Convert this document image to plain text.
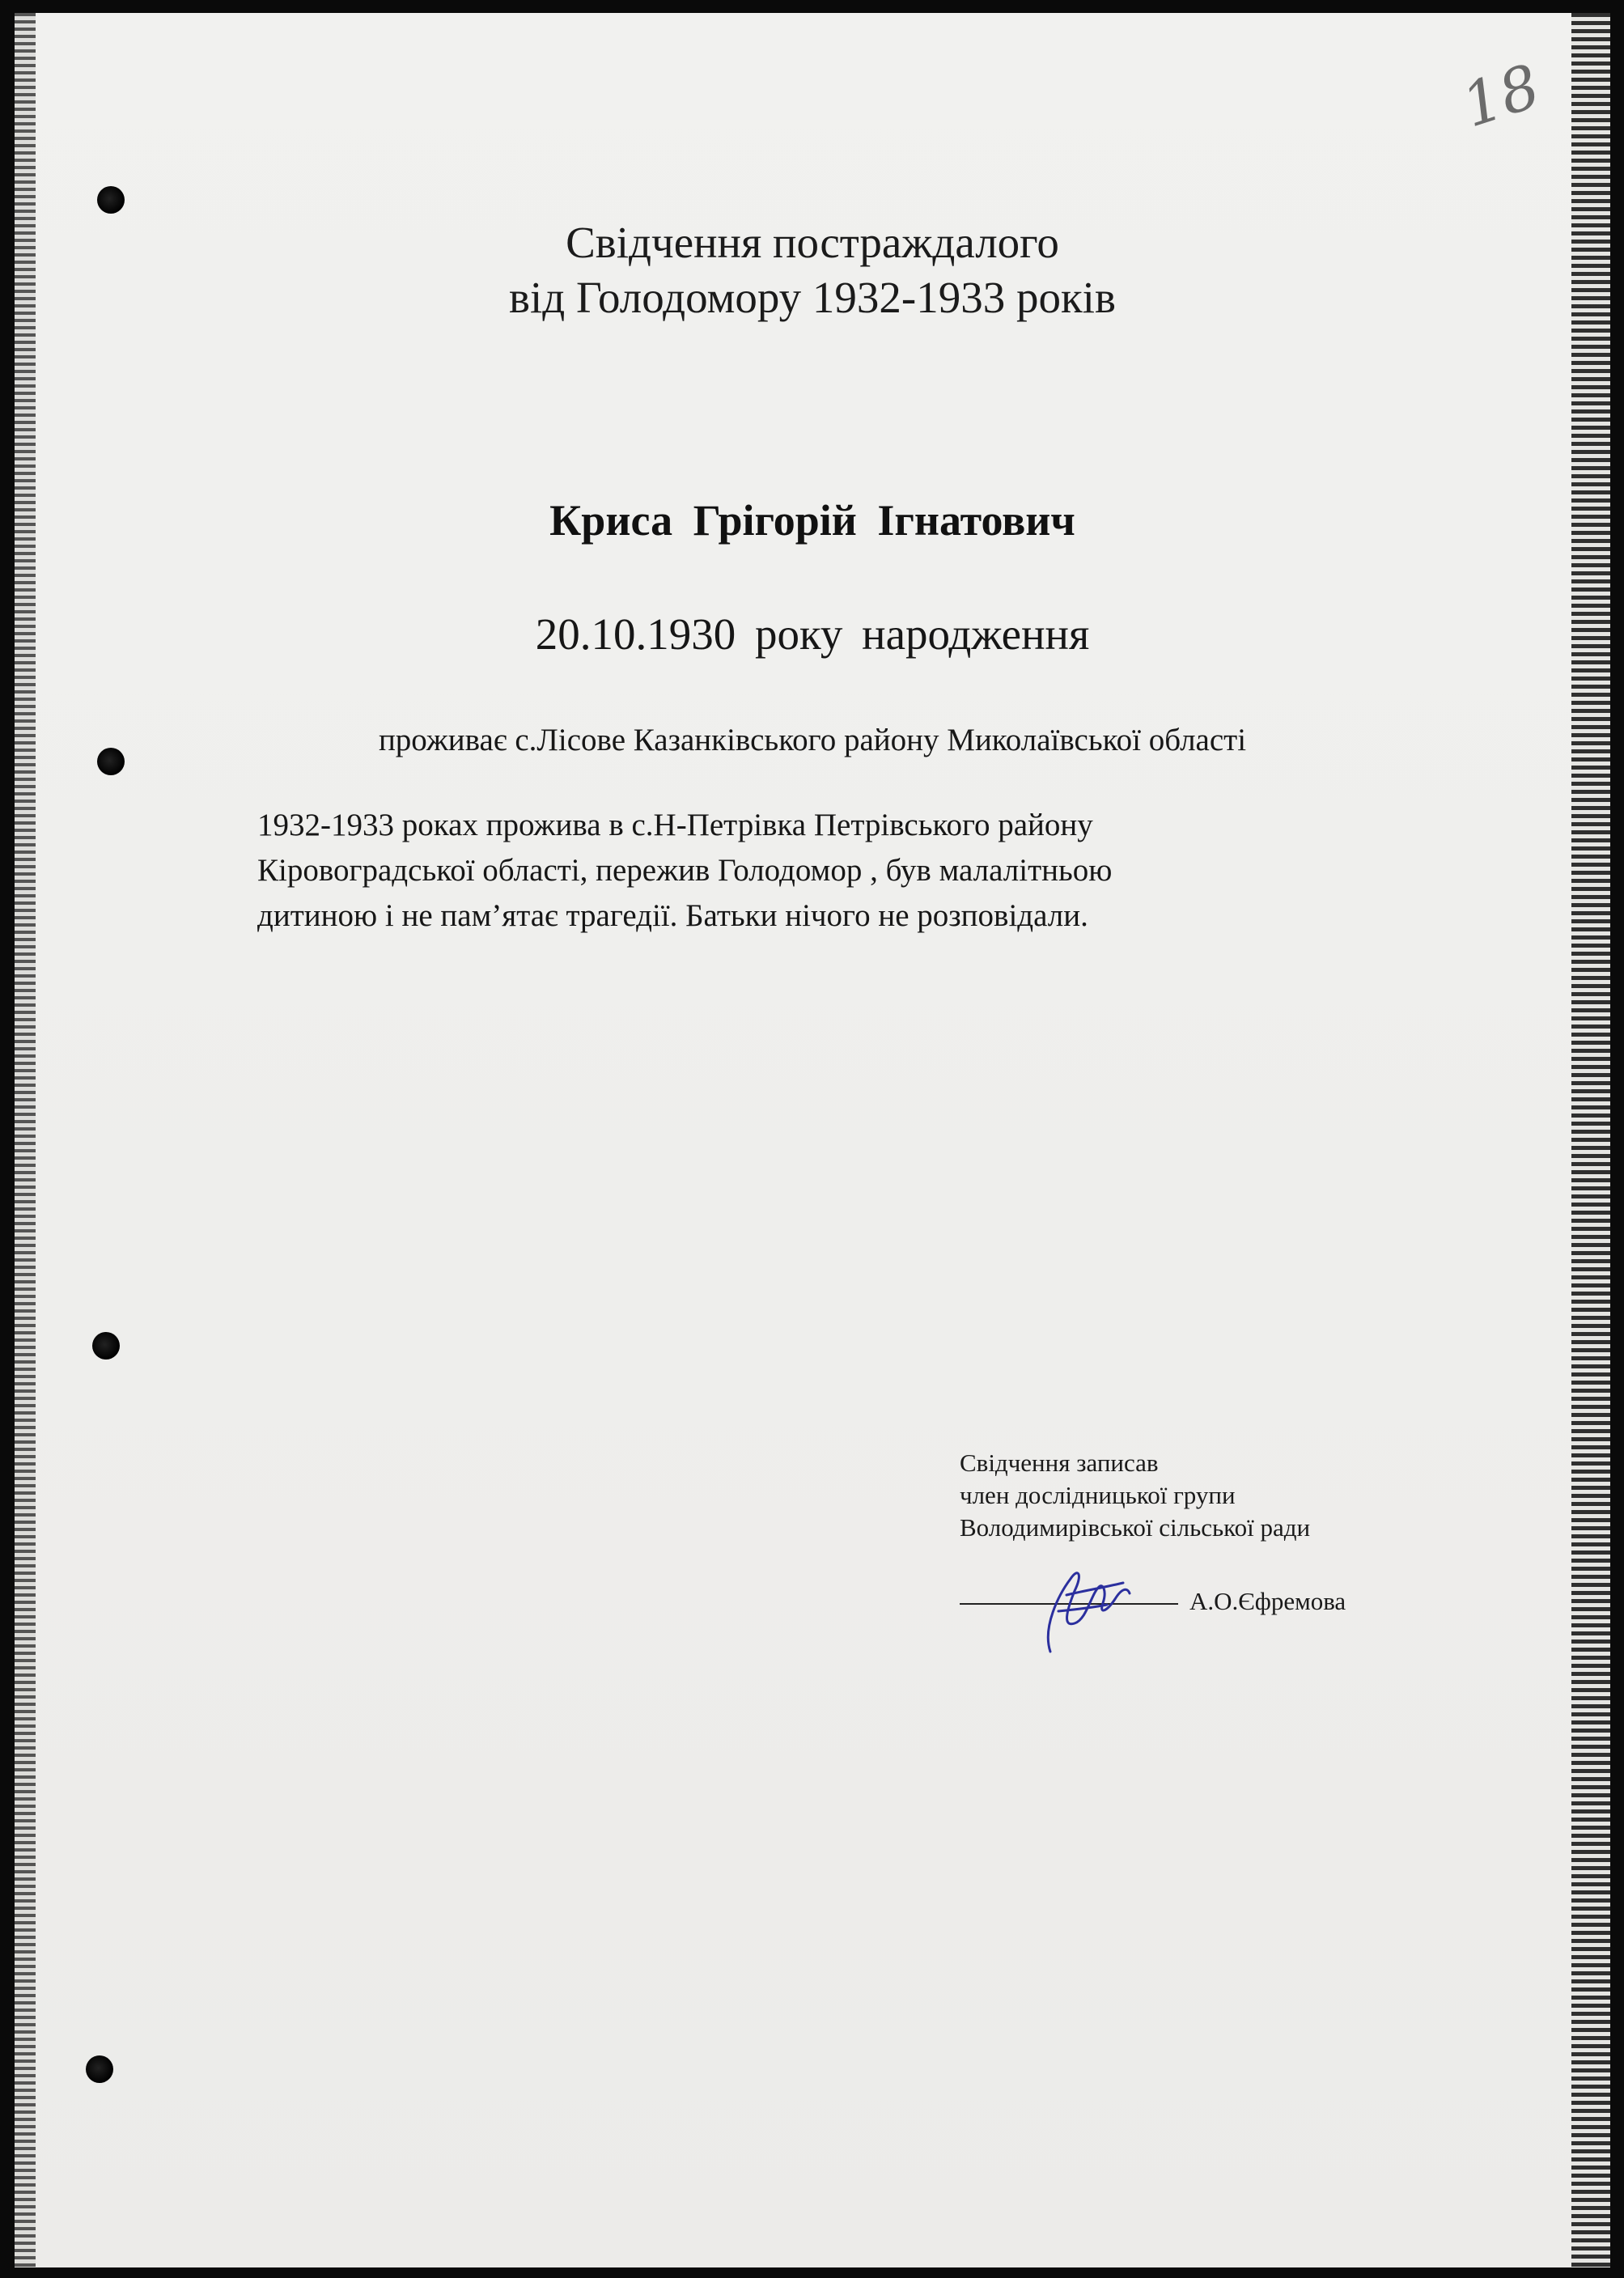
18
Свідчення постраждалого
від Голодомору 1932-1933 років
Криса Грігорій Ігнатович
20.10.1930 року народження
проживає с.Лісове Казанківського району Миколаївської області
1932-1933 роках прожива в с.Н-Петрівка Петрівського району
Кіровоградської області, пережив Голодомор , був малалітньою
дитиною і не пам’ятає трагедії. Батьки нічого не розповідали.
Свідчення записав
член дослідницької групи
Володимирівської сільської ради
А.О.Єфремова
